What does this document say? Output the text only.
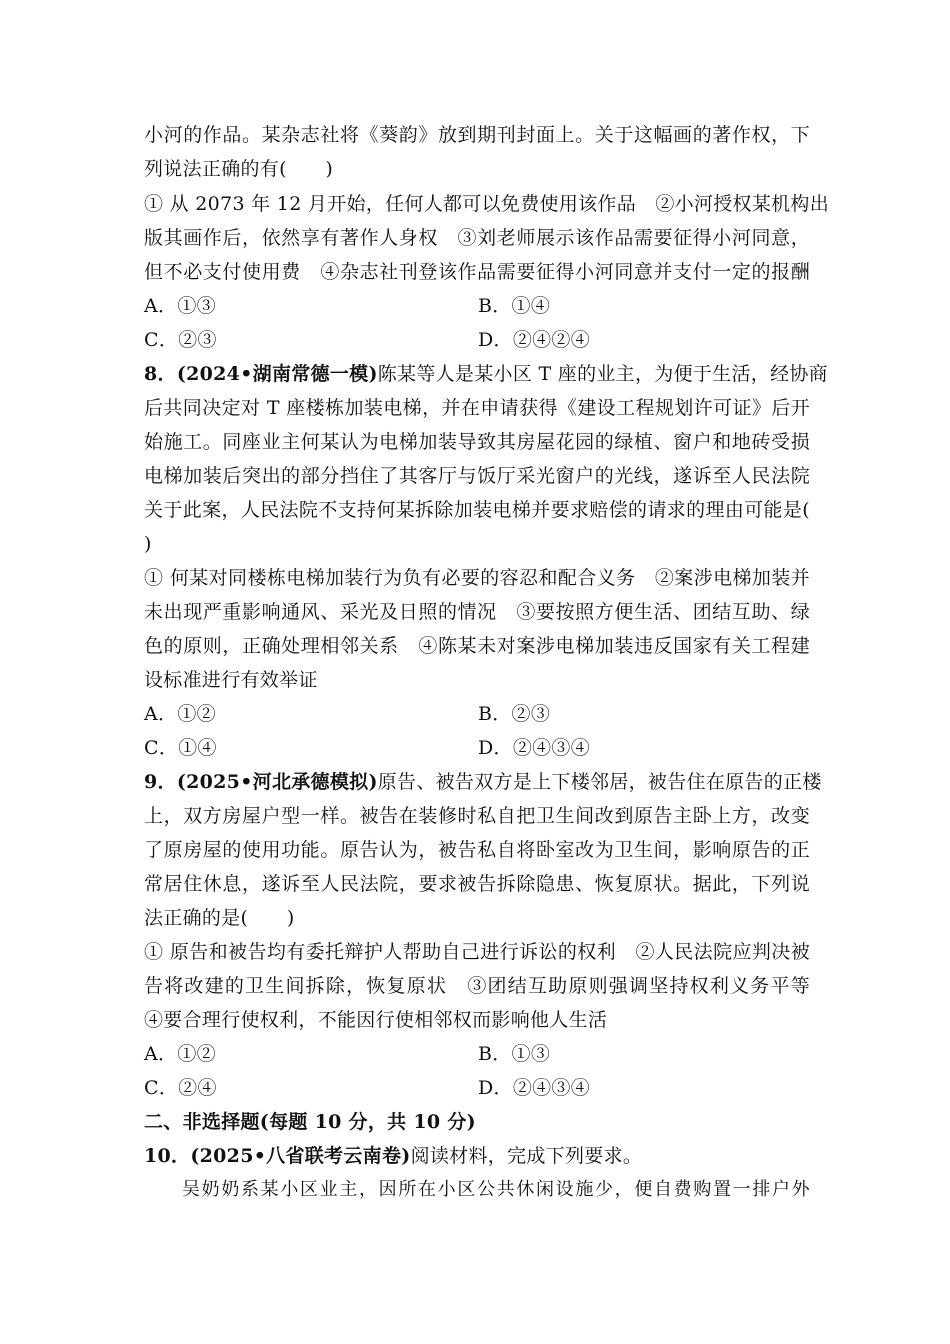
小河的作品。某杂志社将《葵韵》放到期刊封面上。关于这幅画的著作权，下
列说法正确的有(　　)
① 从 2073 年 12 月开始，任何人都可以免费使用该作品　②小河授权某机构出
版其画作后，依然享有著作人身权　③刘老师展示该作品需要征得小河同意，
但不必支付使用费　④杂志社刊登该作品需要征得小河同意并支付一定的报酬
A．①③	B．①④
C．②③	D．②④②④
8．(2024•湖南常德一模)陈某等人是某小区 T 座的业主，为便于生活，经协商
后共同决定对 T 座楼栋加装电梯，并在申请获得《建设工程规划许可证》后开
始施工。同座业主何某认为电梯加装导致其房屋花园的绿植、窗户和地砖受损
电梯加装后突出的部分挡住了其客厅与饭厅采光窗户的光线，遂诉至人民法院
关于此案，人民法院不支持何某拆除加装电梯并要求赔偿的请求的理由可能是(
)
① 何某对同楼栋电梯加装行为负有必要的容忍和配合义务　②案涉电梯加装并
未出现严重影响通风、采光及日照的情况　③要按照方便生活、团结互助、绿
色的原则，正确处理相邻关系　④陈某未对案涉电梯加装违反国家有关工程建
设标准进行有效举证
A．①②	B．②③
C．①④	D．②④③④
9．(2025•河北承德模拟)原告、被告双方是上下楼邻居，被告住在原告的正楼
上，双方房屋户型一样。被告在装修时私自把卫生间改到原告主卧上方，改变
了原房屋的使用功能。原告认为，被告私自将卧室改为卫生间，影响原告的正
常居住休息，遂诉至人民法院，要求被告拆除隐患、恢复原状。据此，下列说
法正确的是(　　)
① 原告和被告均有委托辩护人帮助自己进行诉讼的权利　②人民法院应判决被
告将改建的卫生间拆除，恢复原状　③团结互助原则强调坚持权利义务平等
④要合理行使权利，不能因行使相邻权而影响他人生活
A．①②	B．①③
C．②④	D．②④③④
二、非选择题(每题 10 分，共 10 分)
10．(2025•八省联考云南卷)阅读材料，完成下列要求。
吴奶奶系某小区业主，因所在小区公共休闲设施少，便自费购置一排户外
